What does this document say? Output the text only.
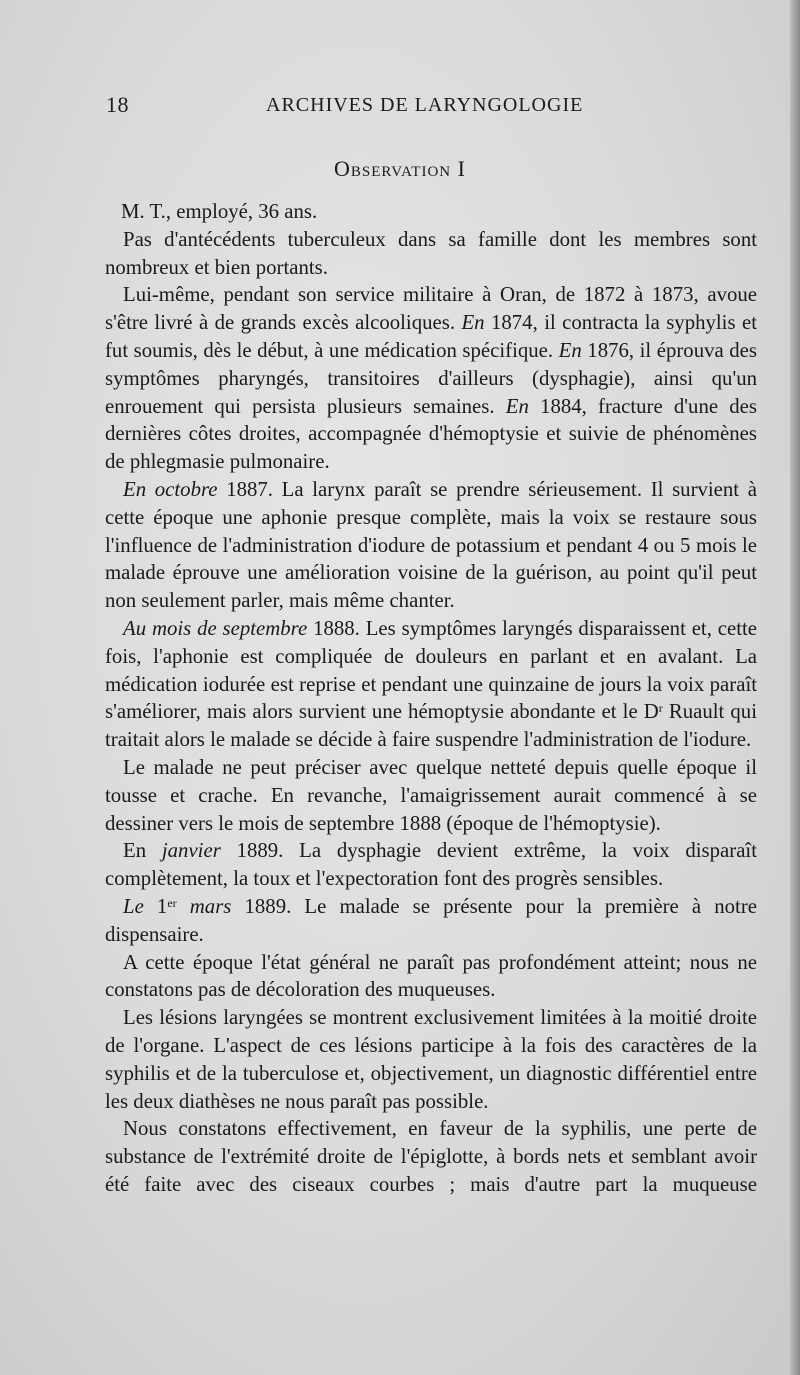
18	ARCHIVES DE LARYNGOLOGIE
Observation I

M. T., employé, 36 ans.

Pas d'antécédents tuberculeux dans sa famille dont les membres sont nombreux et bien portants.

Lui-même, pendant son service militaire à Oran, de 1872 à 1873, avoue s'être livré à de grands excès alcooliques. En 1874, il contracta la syphylis et fut soumis, dès le début, à une médication spécifique. En 1876, il éprouva des symptômes pharyngés, transitoires d'ailleurs (dysphagie), ainsi qu'un enrouement qui persista plusieurs semaines. En 1884, fracture d'une des dernières côtes droites, accompagnée d'hémoptysie et suivie de phénomènes de phlegmasie pulmonaire.

En octobre 1887. La larynx paraît se prendre sérieusement. Il survient à cette époque une aphonie presque complète, mais la voix se restaure sous l'influence de l'administration d'iodure de potassium et pendant 4 ou 5 mois le malade éprouve une amélioration voisine de la guérison, au point qu'il peut non seulement parler, mais même chanter.

Au mois de septembre 1888. Les symptômes laryngés disparaissent et, cette fois, l'aphonie est compliquée de douleurs en parlant et en avalant. La médication iodurée est reprise et pendant une quinzaine de jours la voix paraît s'améliorer, mais alors survient une hémoptysie abondante et le $D^r$ Ruault qui traitait alors le malade se décide à faire suspendre l'administration de l'iodure.

Le malade ne peut préciser avec quelque netteté depuis quelle époque il tousse et crache. En revanche, l'amaigrissement aurait commencé à se dessiner vers le mois de septembre 1888 (époque de l'hémoptysie).

En janvier 1889. La dysphagie devient extrême, la voix disparaît complètement, la toux et l'expectoration font des progrès sensibles.

Le 1er mars 1889. Le malade se présente pour la première à notre dispensaire.

A cette époque l'état général ne paraît pas profondément atteint; nous ne constatons pas de décoloration des muqueuses.

Les lésions laryngées se montrent exclusivement limitées à la moitié droite de l'organe. L'aspect de ces lésions participe à la fois des caractères de la syphilis et de la tuberculose et, objectivement, un diagnostic différentiel entre les deux diathèses ne nous paraît pas possible.

Nous constatons effectivement, en faveur de la syphilis, une perte de substance de l'extrémité droite de l'épiglotte, à bords nets et semblant avoir été faite avec des ciseaux courbes ; mais d'autre part la muqueuse
